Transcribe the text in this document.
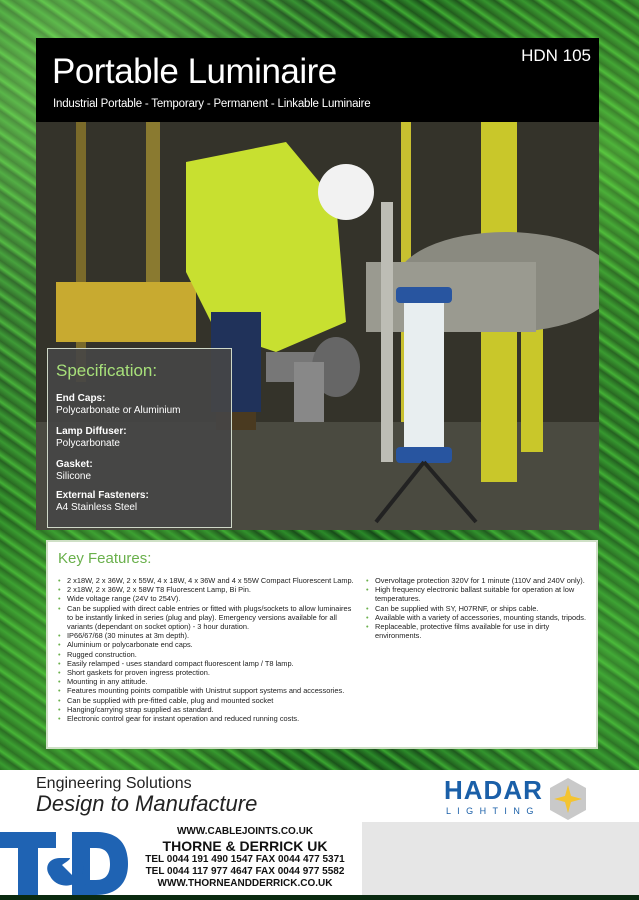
Portable Luminaire	HDN 105
Industrial Portable - Temporary - Permanent - Linkable Luminaire
Specification:
End Caps:
Polycarbonate or Aluminium
Lamp Diffuser:
Polycarbonate
Gasket:
Silicone
External Fasteners:
A4 Stainless Steel
Key Features:
• 2 x18W, 2 x 36W, 2 x 55W, 4 x 18W, 4 x 36W and 4 x 55W Compact Fluorescent Lamp.
• 2 x18W, 2 x 36W, 2 x 58W T8 Fluorescent Lamp, Bi Pin.
• Wide voltage range (24V to 254V).
• Can be supplied with direct cable entries or fitted with plugs/sockets to allow luminaires to be instantly linked in series (plug and play). Emergency versions available for all variants (dependant on socket option) - 3 hour duration.
• IP66/67/68 (30 minutes at 3m depth).
• Aluminium or polycarbonate end caps.
• Rugged construction.
• Easily relamped - uses standard compact fluorescent lamp / T8 lamp.
• Short gaskets for proven ingress protection.
• Mounting in any attitude.
• Features mounting points compatible with Unistrut support systems and accessories.
• Can be supplied with pre-fitted cable, plug and mounted socket
• Hanging/carrying strap supplied as standard.
• Electronic control gear for instant operation and reduced running costs.
• Overvoltage protection 320V for 1 minute (110V and 240V only).
• High frequency electronic ballast suitable for operation at low temperatures.
• Can be supplied with SY, H07RNF, or ships cable.
• Available with a variety of accessories, mounting stands, tripods.
• Replaceable, protective films available for use in dirty environments.
Engineering Solutions
Design to Manufacture	HADAR
L I G H T I N G
WWW.CABLEJOINTS.CO.UK
THORNE & DERRICK UK
TEL 0044 191 490 1547 FAX 0044 477 5371
TEL 0044 117 977 4647 FAX 0044 977 5582
WWW.THORNEANDDERRICK.CO.UK
